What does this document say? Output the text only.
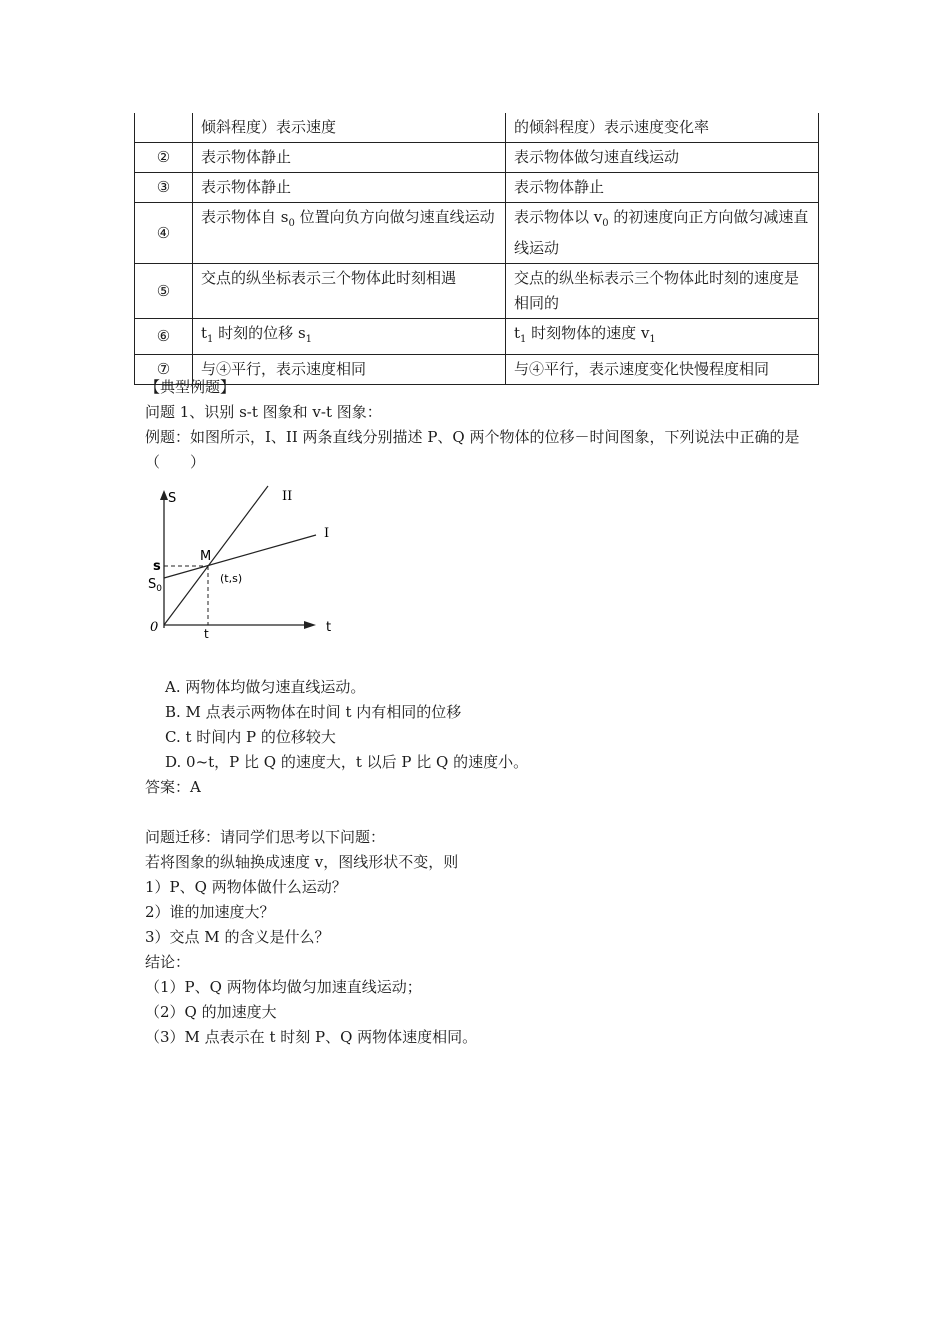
	倾斜程度）表示速度	的倾斜程度）表示速度变化率
②	表示物体静止	表示物体做匀速直线运动
③	表示物体静止	表示物体静止
④	表示物体自 $s_0$ 位置向负方向做匀速直线运动	表示物体以 $v_0$ 的初速度向正方向做匀减速直线运动
⑤	交点的纵坐标表示三个物体此时刻相遇	交点的纵坐标表示三个物体此时刻的速度是相同的
⑥	$t_1$ 时刻的位移 $s_1$	$t_1$ 时刻物体的速度 $v_1$
⑦	与④平行，表示速度相同	与④平行，表示速度变化快慢程度相同
【典型例题】
问题 1、识别 s-t 图象和 v-t 图象：
例题：如图所示，I、II 两条直线分别描述 P、Q 两个物体的位移－时间图象，下列说法中正确的是（　　）
S
t
0
s
$S_0$
t
M
(t,s)
I
II
A. 两物体均做匀速直线运动。
B. M 点表示两物体在时间 t 内有相同的位移
C. t 时间内 P 的位移较大
D. 0~t，P 比 Q 的速度大，t 以后 P 比 Q 的速度小。
答案：A
问题迁移：请同学们思考以下问题：
若将图象的纵轴换成速度 v，图线形状不变，则
1）P、Q 两物体做什么运动？
2）谁的加速度大？
3）交点 M 的含义是什么？
结论：
（1）P、Q 两物体均做匀加速直线运动；
（2）Q 的加速度大
（3）M 点表示在 t 时刻 P、Q 两物体速度相同。
